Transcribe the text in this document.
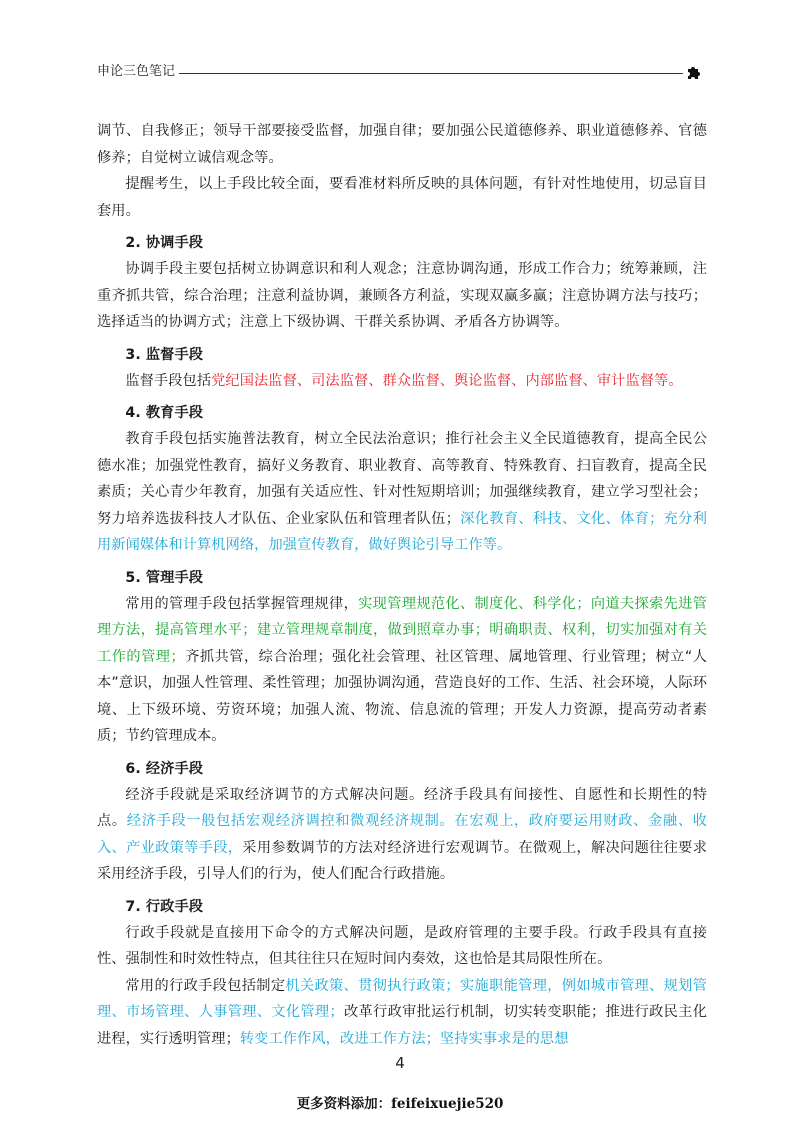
申论三色笔记

调节、自我修正；领导干部要接受监督，加强自律；要加强公民道德修养、职业道德修养、官德修养；自觉树立诚信观念等。

提醒考生，以上手段比较全面，要看准材料所反映的具体问题，有针对性地使用，切忌盲目套用。

2. 协调手段

协调手段主要包括树立协调意识和利人观念；注意协调沟通，形成工作合力；统筹兼顾，注重齐抓共管，综合治理；注意利益协调，兼顾各方利益，实现双赢多赢；注意协调方法与技巧；选择适当的协调方式；注意上下级协调、干群关系协调、矛盾各方协调等。

3. 监督手段

监督手段包括党纪国法监督、司法监督、群众监督、舆论监督、内部监督、审计监督等。

4. 教育手段

教育手段包括实施普法教育，树立全民法治意识；推行社会主义全民道德教育，提高全民公德水准；加强党性教育，搞好义务教育、职业教育、高等教育、特殊教育、扫盲教育，提高全民素质；关心青少年教育，加强有关适应性、针对性短期培训；加强继续教育，建立学习型社会；努力培养选拔科技人才队伍、企业家队伍和管理者队伍；深化教育、科技、文化、体育；充分利用新闻媒体和计算机网络，加强宣传教育，做好舆论引导工作等。

5. 管理手段

常用的管理手段包括掌握管理规律，实现管理规范化、制度化、科学化；向道夫探索先进管理方法，提高管理水平；建立管理规章制度，做到照章办事；明确职责、权利，切实加强对有关工作的管理；齐抓共管，综合治理；强化社会管理、社区管理、属地管理、行业管理；树立“人本”意识，加强人性管理、柔性管理；加强协调沟通，营造良好的工作、生活、社会环境，人际环境、上下级环境、劳资环境；加强人流、物流、信息流的管理；开发人力资源，提高劳动者素质；节约管理成本。

6. 经济手段

经济手段就是采取经济调节的方式解决问题。经济手段具有间接性、自愿性和长期性的特点。经济手段一般包括宏观经济调控和微观经济规制。在宏观上，政府要运用财政、金融、收入、产业政策等手段，采用参数调节的方法对经济进行宏观调节。在微观上，解决问题往往要求采用经济手段，引导人们的行为，使人们配合行政措施。

7. 行政手段

行政手段就是直接用下命令的方式解决问题，是政府管理的主要手段。行政手段具有直接性、强制性和时效性特点，但其往往只在短时间内奏效，这也恰是其局限性所在。

常用的行政手段包括制定机关政策、贯彻执行政策；实施职能管理，例如城市管理、规划管理、市场管理、人事管理、文化管理；改革行政审批运行机制，切实转变职能；推进行政民主化进程，实行透明管理；转变工作作风，改进工作方法；坚持实事求是的思想

4
更多资料添加：feifeixuejie520
